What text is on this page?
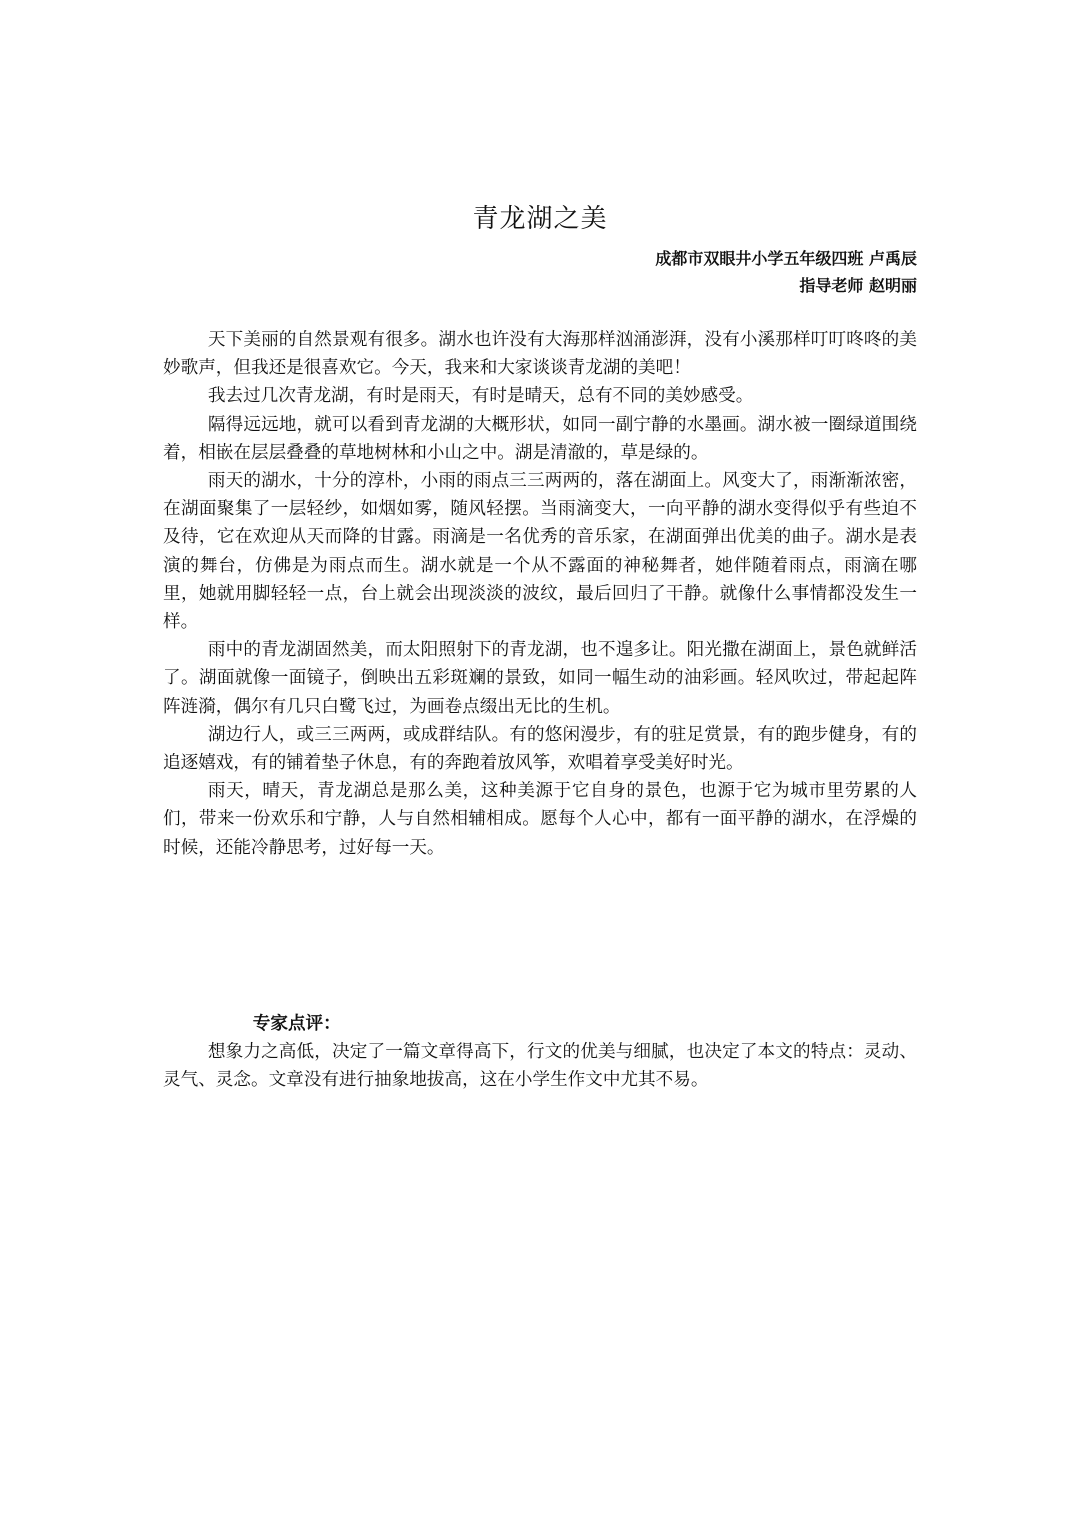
青龙湖之美

成都市双眼井小学五年级四班 卢禹辰

指导老师 赵明丽

天下美丽的自然景观有很多。湖水也许没有大海那样汹涌澎湃，没有小溪那样叮叮咚咚的美妙歌声，但我还是很喜欢它。今天，我来和大家谈谈青龙湖的美吧！

我去过几次青龙湖，有时是雨天，有时是晴天，总有不同的美妙感受。

隔得远远地，就可以看到青龙湖的大概形状，如同一副宁静的水墨画。湖水被一圈绿道围绕着，相嵌在层层叠叠的草地树林和小山之中。湖是清澈的，草是绿的。

雨天的湖水，十分的淳朴，小雨的雨点三三两两的，落在湖面上。风变大了，雨渐渐浓密，在湖面聚集了一层轻纱，如烟如雾，随风轻摆。当雨滴变大，一向平静的湖水变得似乎有些迫不及待，它在欢迎从天而降的甘露。雨滴是一名优秀的音乐家，在湖面弹出优美的曲子。湖水是表演的舞台，仿佛是为雨点而生。湖水就是一个从不露面的神秘舞者，她伴随着雨点，雨滴在哪里，她就用脚轻轻一点，台上就会出现淡淡的波纹，最后回归了干静。就像什么事情都没发生一样。

雨中的青龙湖固然美，而太阳照射下的青龙湖，也不遑多让。阳光撒在湖面上，景色就鲜活了。湖面就像一面镜子，倒映出五彩斑斓的景致，如同一幅生动的油彩画。轻风吹过，带起起阵阵涟漪，偶尔有几只白鹭飞过，为画卷点缀出无比的生机。

湖边行人，或三三两两，或成群结队。有的悠闲漫步，有的驻足赏景，有的跑步健身，有的追逐嬉戏，有的铺着垫子休息，有的奔跑着放风筝，欢唱着享受美好时光。

雨天，晴天，青龙湖总是那么美，这种美源于它自身的景色，也源于它为城市里劳累的人们，带来一份欢乐和宁静，人与自然相辅相成。愿每个人心中，都有一面平静的湖水，在浮燥的时候，还能冷静思考，过好每一天。

专家点评：

想象力之高低，决定了一篇文章得高下，行文的优美与细腻，也决定了本文的特点：灵动、灵气、灵念。文章没有进行抽象地拔高，这在小学生作文中尤其不易。
